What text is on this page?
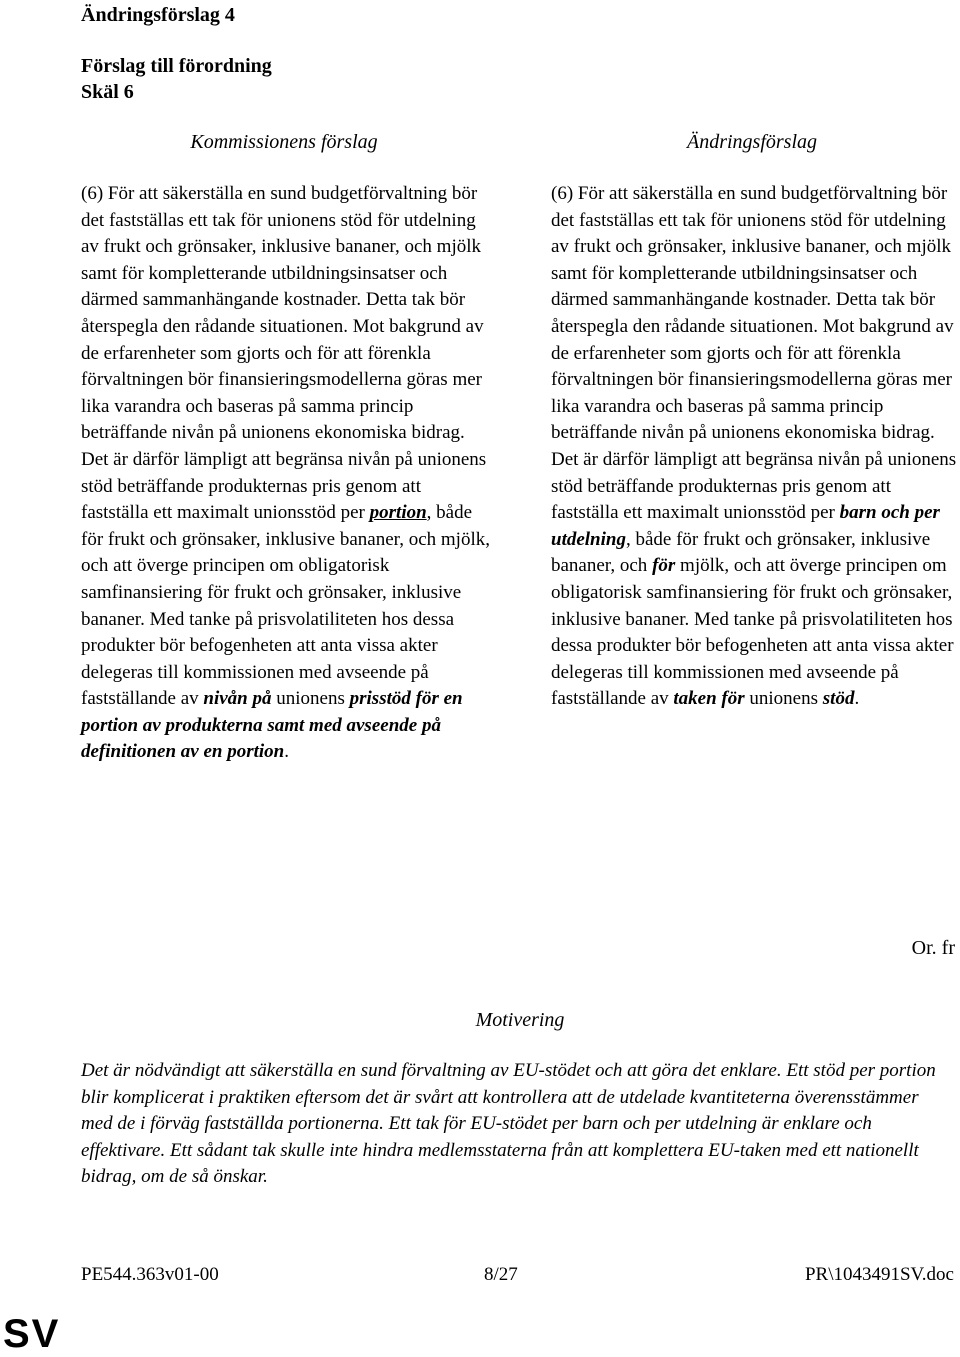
Ändringsförslag 4
Förslag till förordning
Skäl 6
Kommissionens förslag	Ändringsförslag

(6) För att säkerställa en sund budgetförvaltning bör det fastställas ett tak för unionens stöd för utdelning av frukt och grönsaker, inklusive bananer, och mjölk samt för kompletterande utbildningsinsatser och därmed sammanhängande kostnader. Detta tak bör återspegla den rådande situationen. Mot bakgrund av de erfarenheter som gjorts och för att förenkla förvaltningen bör finansieringsmodellerna göras mer lika varandra och baseras på samma princip beträffande nivån på unionens ekonomiska bidrag. Det är därför lämpligt att begränsa nivån på unionens stöd beträffande produkternas pris genom att fastställa ett maximalt unionsstöd per portion, både för frukt och grönsaker, inklusive bananer, och mjölk, och att överge principen om obligatorisk samfinansiering för frukt och grönsaker, inklusive bananer. Med tanke på prisvolatiliteten hos dessa produkter bör befogenheten att anta vissa akter delegeras till kommissionen med avseende på fastställande av nivån på unionens prisstöd för en portion av produkterna samt med avseende på definitionen av en portion.

(6) För att säkerställa en sund budgetförvaltning bör det fastställas ett tak för unionens stöd för utdelning av frukt och grönsaker, inklusive bananer, och mjölk samt för kompletterande utbildningsinsatser och därmed sammanhängande kostnader. Detta tak bör återspegla den rådande situationen. Mot bakgrund av de erfarenheter som gjorts och för att förenkla förvaltningen bör finansieringsmodellerna göras mer lika varandra och baseras på samma princip beträffande nivån på unionens ekonomiska bidrag. Det är därför lämpligt att begränsa nivån på unionens stöd beträffande produkternas pris genom att fastställa ett maximalt unionsstöd per barn och per utdelning, både för frukt och grönsaker, inklusive bananer, och för mjölk, och att överge principen om obligatorisk samfinansiering för frukt och grönsaker, inklusive bananer. Med tanke på prisvolatiliteten hos dessa produkter bör befogenheten att anta vissa akter delegeras till kommissionen med avseende på fastställande av taken för unionens stöd.

Or. fr
Motivering

Det är nödvändigt att säkerställa en sund förvaltning av EU-stödet och att göra det enklare. Ett stöd per portion blir komplicerat i praktiken eftersom det är svårt att kontrollera att de utdelade kvantiteterna överensstämmer med de i förväg fastställda portionerna. Ett tak för EU-stödet per barn och per utdelning är enklare och effektivare. Ett sådant tak skulle inte hindra medlemsstaterna från att komplettera EU-taken med ett nationellt bidrag, om de så önskar.

PE544.363v01-00	8/27	PR\1043491SV.doc
SV
